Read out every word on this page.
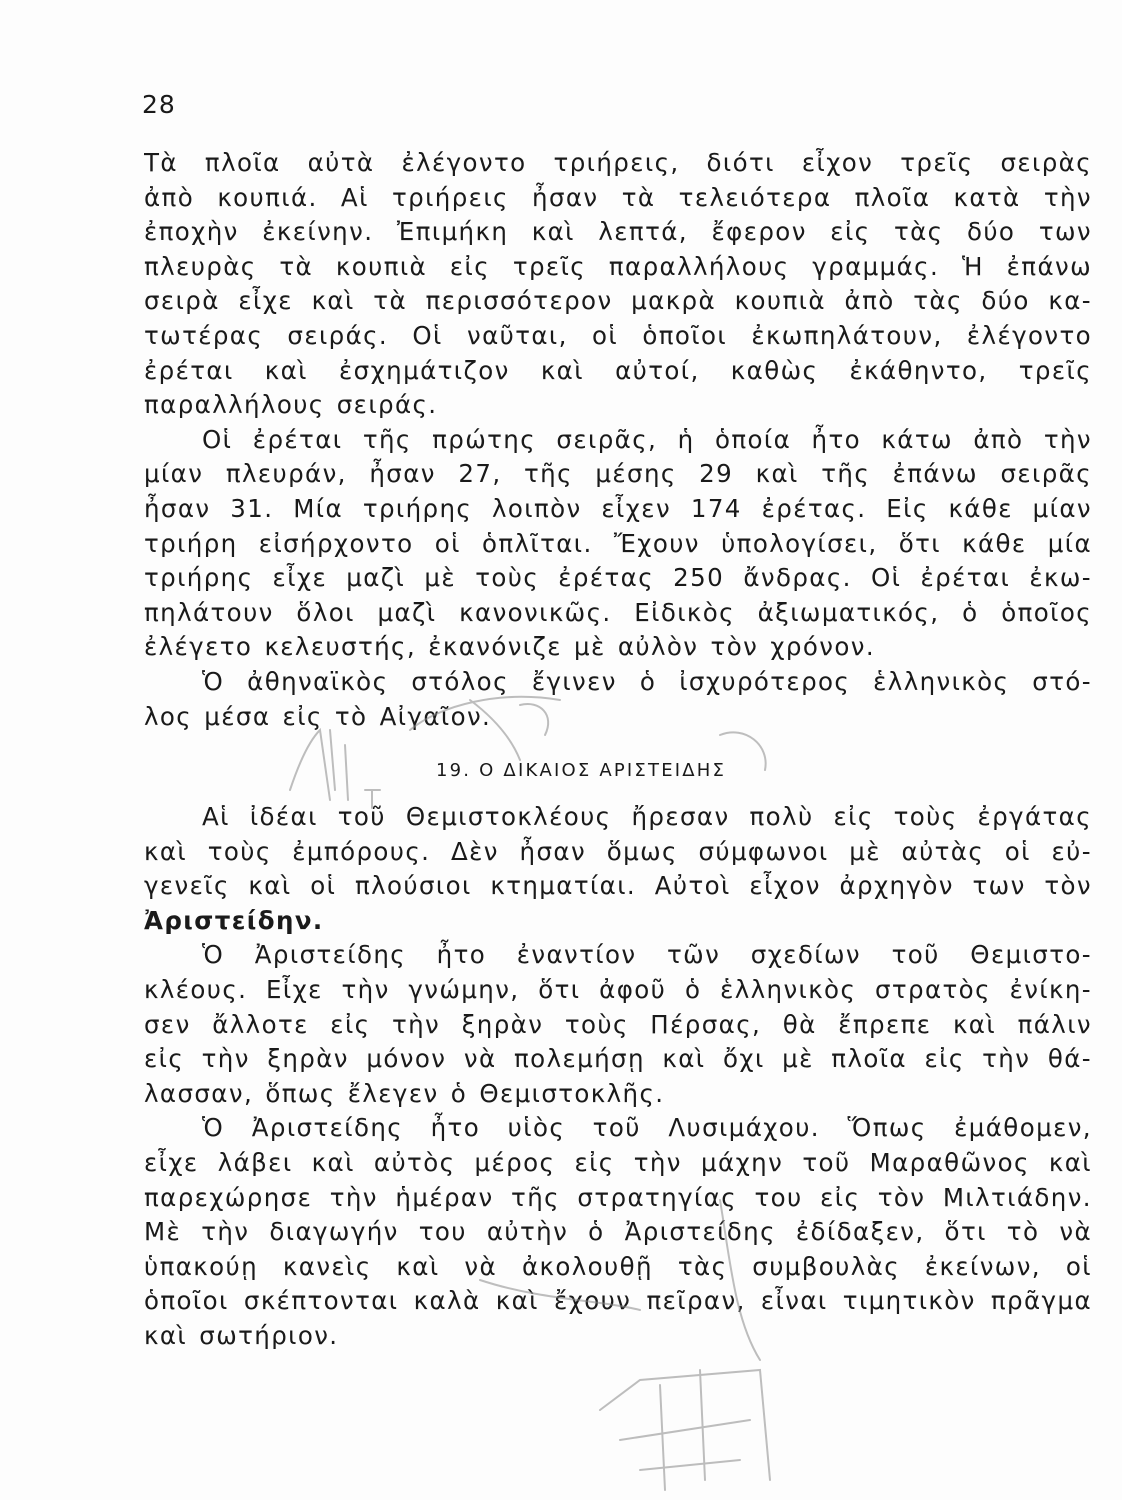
28
Τὰ πλοῖα αὐτὰ ἐλέγοντο τριήρεις, διότι εἶχον τρεῖς σειρὰς
ἀπὸ κουπιά. Αἱ τριήρεις ἦσαν τὰ τελειότερα πλοῖα κατὰ τὴν
ἐποχὴν ἐκείνην. Ἐπιμήκη καὶ λεπτά, ἔφερον εἰς τὰς δύο των
πλευρὰς τὰ κουπιὰ εἰς τρεῖς παραλλήλους γραμμάς. Ἡ ἐπάνω
σειρὰ εἶχε καὶ τὰ περισσότερον μακρὰ κουπιὰ ἀπὸ τὰς δύο κα-
τωτέρας σειράς. Οἱ ναῦται, οἱ ὁποῖοι ἐκωπηλάτουν, ἐλέγοντο
ἐρέται καὶ ἐσχημάτιζον καὶ αὐτοί, καθὼς ἐκάθηντο, τρεῖς
παραλλήλους σειράς.
Οἱ ἐρέται τῆς πρώτης σειρᾶς, ἡ ὁποία ἦτο κάτω ἀπὸ τὴν
μίαν πλευράν, ἦσαν 27, τῆς μέσης 29 καὶ τῆς ἐπάνω σειρᾶς
ἦσαν 31. Μία τριήρης λοιπὸν εἶχεν 174 ἐρέτας. Εἰς κάθε μίαν
τριήρη εἰσήρχοντο οἱ ὁπλῖται. Ἔχουν ὑπολογίσει, ὅτι κάθε μία
τριήρης εἶχε μαζὶ μὲ τοὺς ἐρέτας 250 ἄνδρας. Οἱ ἐρέται ἐκω-
πηλάτουν ὅλοι μαζὶ κανονικῶς. Εἰδικὸς ἀξιωματικός, ὁ ὁποῖος
ἐλέγετο κελευστής, ἐκανόνιζε μὲ αὐλὸν τὸν χρόνον.
Ὁ ἀθηναϊκὸς στόλος ἔγινεν ὁ ἰσχυρότερος ἑλληνικὸς στό-
λος μέσα εἰς τὸ Αἰγαῖον.
19. Ο ΔΙΚΑΙΟΣ ΑΡΙΣΤΕΙΔΗΣ
Αἱ ἰδέαι τοῦ Θεμιστοκλέους ἤρεσαν πολὺ εἰς τοὺς ἐργάτας
καὶ τοὺς ἐμπόρους. Δὲν ἦσαν ὅμως σύμφωνοι μὲ αὐτὰς οἱ εὐ-
γενεῖς καὶ οἱ πλούσιοι κτηματίαι. Αὐτοὶ εἶχον ἀρχηγὸν των τὸν
Ἀριστείδην.
Ὁ Ἀριστείδης ἦτο ἐναντίον τῶν σχεδίων τοῦ Θεμιστο-
κλέους. Εἶχε τὴν γνώμην, ὅτι ἀφοῦ ὁ ἑλληνικὸς στρατὸς ἐνίκη-
σεν ἄλλοτε εἰς τὴν ξηρὰν τοὺς Πέρσας, θὰ ἔπρεπε καὶ πάλιν
εἰς τὴν ξηρὰν μόνον νὰ πολεμήσῃ καὶ ὄχι μὲ πλοῖα εἰς τὴν θά-
λασσαν, ὅπως ἔλεγεν ὁ Θεμιστοκλῆς.
Ὁ Ἀριστείδης ἦτο υἱὸς τοῦ Λυσιμάχου. Ὅπως ἐμάθομεν,
εἶχε λάβει καὶ αὐτὸς μέρος εἰς τὴν μάχην τοῦ Μαραθῶνος καὶ
παρεχώρησε τὴν ἡμέραν τῆς στρατηγίας του εἰς τὸν Μιλτιάδην.
Μὲ τὴν διαγωγήν του αὐτὴν ὁ Ἀριστείδης ἐδίδαξεν, ὅτι τὸ νὰ
ὑπακούῃ κανεὶς καὶ νὰ ἀκολουθῇ τὰς συμβουλὰς ἐκείνων, οἱ
ὁποῖοι σκέπτονται καλὰ καὶ ἔχουν πεῖραν, εἶναι τιμητικὸν πρᾶγμα
καὶ σωτήριον.
